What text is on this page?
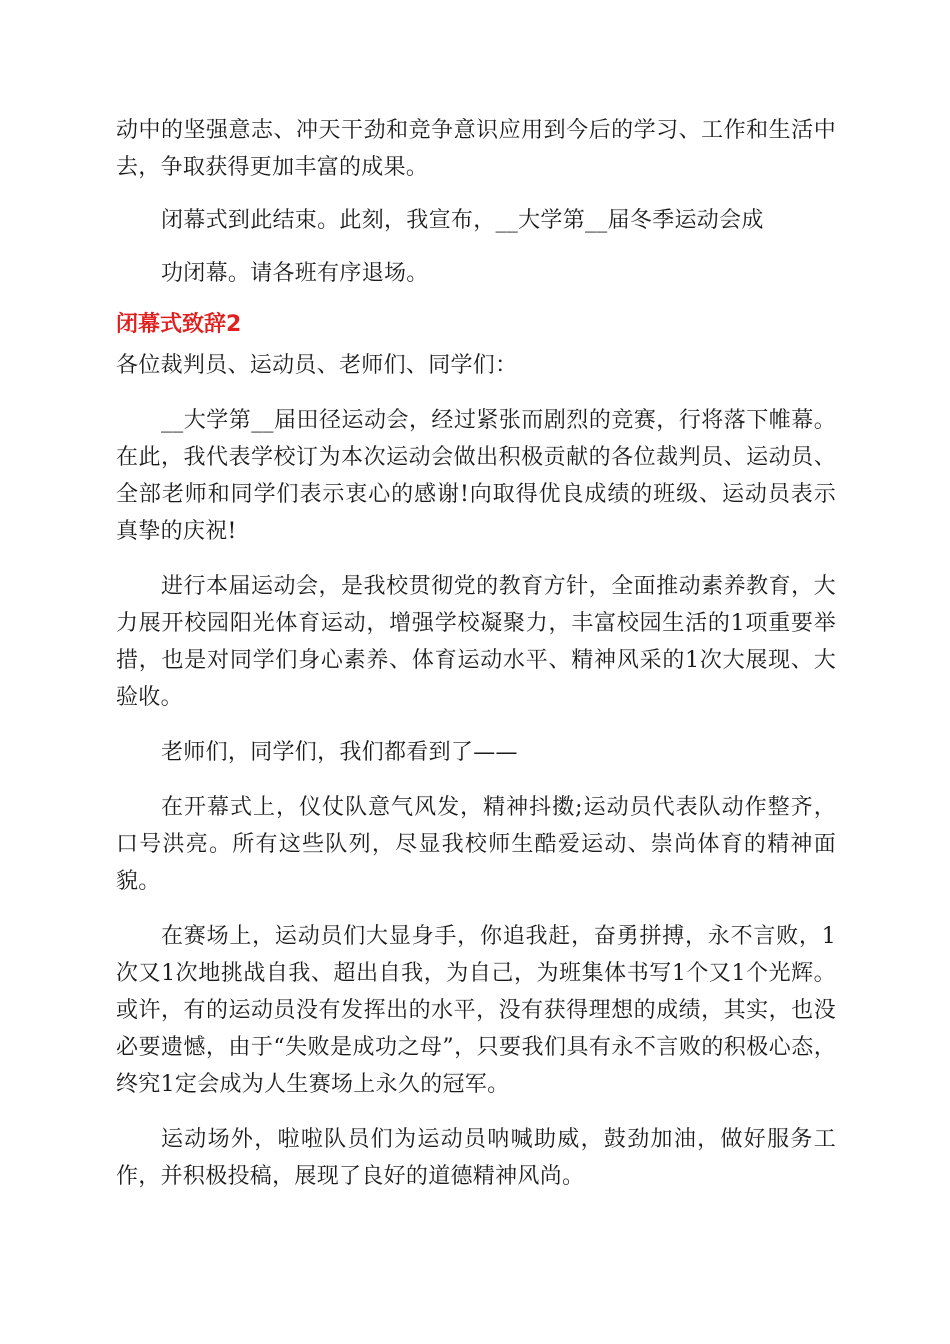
动中的坚强意志、冲天干劲和竞争意识应用到今后的学习、工作和生活中去，争取获得更加丰富的成果。

闭幕式到此结束。此刻，我宣布，__大学第__届冬季运动会成

功闭幕。请各班有序退场。

闭幕式致辞2

各位裁判员、运动员、老师们、同学们：

__大学第__届田径运动会，经过紧张而剧烈的竞赛，行将落下帷幕。在此，我代表学校订为本次运动会做出积极贡献的各位裁判员、运动员、全部老师和同学们表示衷心的感谢!向取得优良成绩的班级、运动员表示真挚的庆祝!

进行本届运动会，是我校贯彻党的教育方针，全面推动素养教育，大力展开校园阳光体育运动，增强学校凝聚力，丰富校园生活的1项重要举措，也是对同学们身心素养、体育运动水平、精神风采的1次大展现、大验收。

老师们，同学们，我们都看到了——

在开幕式上，仪仗队意气风发，精神抖擞;运动员代表队动作整齐，口号洪亮。所有这些队列，尽显我校师生酷爱运动、崇尚体育的精神面貌。

在赛场上，运动员们大显身手，你追我赶，奋勇拼搏，永不言败，1次又1次地挑战自我、超出自我，为自己，为班集体书写1个又1个光辉。或许，有的运动员没有发挥出的水平，没有获得理想的成绩，其实，也没必要遗憾，由于“失败是成功之母”，只要我们具有永不言败的积极心态，终究1定会成为人生赛场上永久的冠军。

运动场外，啦啦队员们为运动员呐喊助威，鼓劲加油，做好服务工作，并积极投稿，展现了良好的道德精神风尚。
